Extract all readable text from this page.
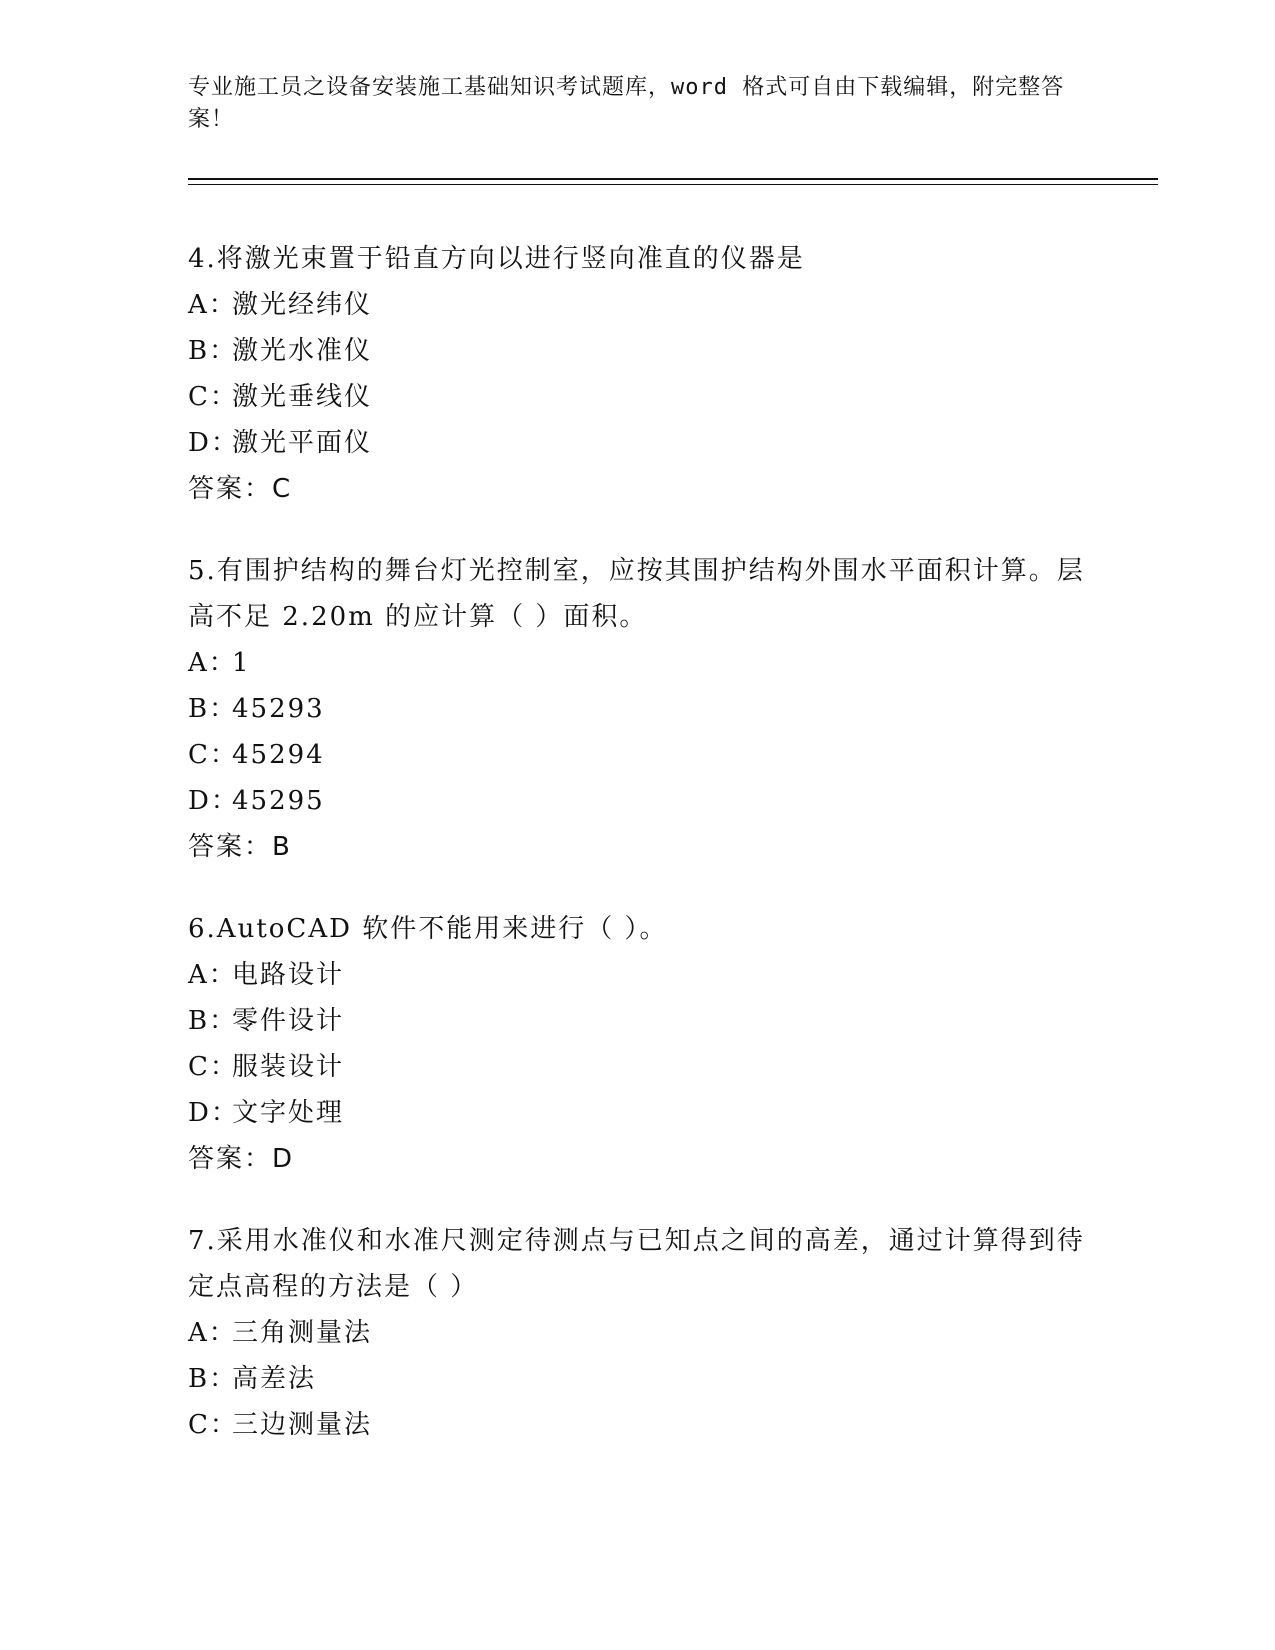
专业施工员之设备安装施工基础知识考试题库，word 格式可自由下载编辑，附完整答案！

4.将激光束置于铅直方向以进行竖向准直的仪器是

A：
激光经纬仪
B：
激光水准仪
C：
激光垂线仪
D：
激光平面仪
答案： C

5.有围护结构的舞台灯光控制室，应按其围护结构外围水平面积计算。层高不足 2.20m 的应计算（ ）面积。

A：
1
B：
45293
C：
45294
D：
45295
答案： B

6.AutoCAD 软件不能用来进行（ ）。

A：
电路设计
B：
零件设计
C：
服装设计
D：
文字处理
答案： D

7.采用水准仪和水准尺测定待测点与已知点之间的高差，通过计算得到待定点高程的方法是（ ）

A：
三角测量法
B：
高差法
C：
三边测量法
